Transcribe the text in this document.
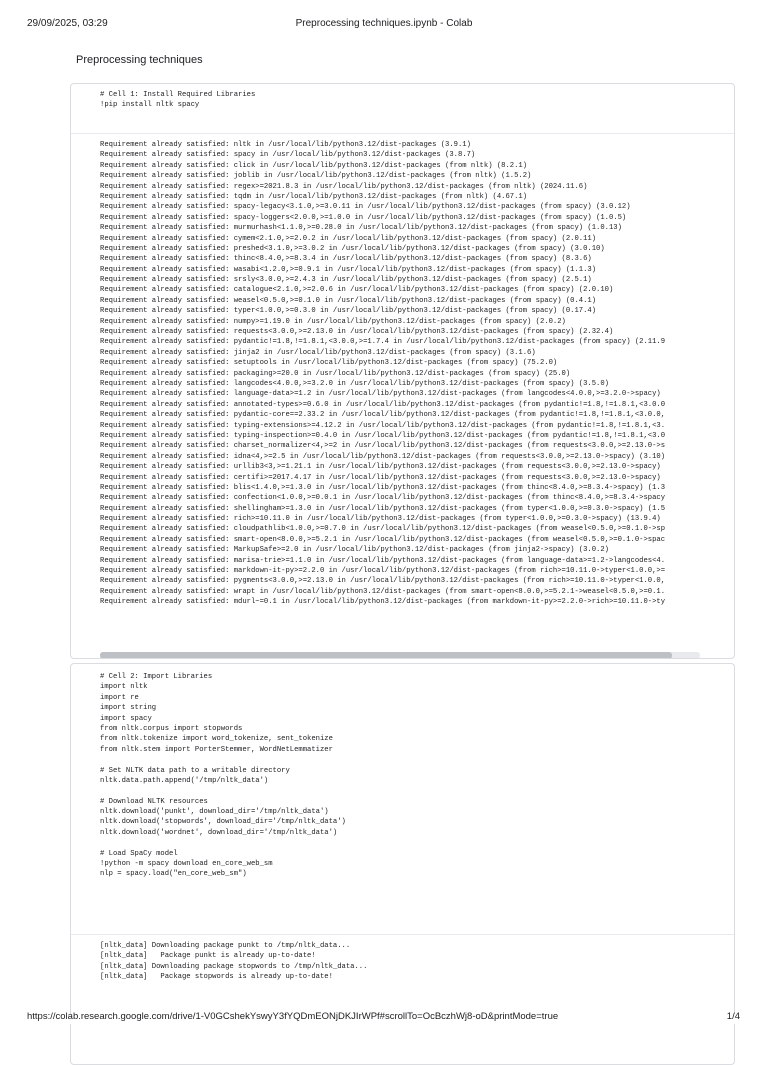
29/09/2025, 03:29	Preprocessing techniques.ipynb - Colab
Preprocessing techniques
# Cell 1: Install Required Libraries
!pip install nltk spacy
Requirement already satisfied: nltk in /usr/local/lib/python3.12/dist-packages (3.9.1)
Requirement already satisfied: spacy in /usr/local/lib/python3.12/dist-packages (3.8.7)
Requirement already satisfied: click in /usr/local/lib/python3.12/dist-packages (from nltk) (8.2.1)
Requirement already satisfied: joblib in /usr/local/lib/python3.12/dist-packages (from nltk) (1.5.2)
Requirement already satisfied: regex>=2021.8.3 in /usr/local/lib/python3.12/dist-packages (from nltk) (2024.11.6)
Requirement already satisfied: tqdm in /usr/local/lib/python3.12/dist-packages (from nltk) (4.67.1)
Requirement already satisfied: spacy-legacy<3.1.0,>=3.0.11 in /usr/local/lib/python3.12/dist-packages (from spacy) (3.0.12)
Requirement already satisfied: spacy-loggers<2.0.0,>=1.0.0 in /usr/local/lib/python3.12/dist-packages (from spacy) (1.0.5)
Requirement already satisfied: murmurhash<1.1.0,>=0.28.0 in /usr/local/lib/python3.12/dist-packages (from spacy) (1.0.13)
Requirement already satisfied: cymem<2.1.0,>=2.0.2 in /usr/local/lib/python3.12/dist-packages (from spacy) (2.0.11)
Requirement already satisfied: preshed<3.1.0,>=3.0.2 in /usr/local/lib/python3.12/dist-packages (from spacy) (3.0.10)
Requirement already satisfied: thinc<8.4.0,>=8.3.4 in /usr/local/lib/python3.12/dist-packages (from spacy) (8.3.6)
Requirement already satisfied: wasabi<1.2.0,>=0.9.1 in /usr/local/lib/python3.12/dist-packages (from spacy) (1.1.3)
Requirement already satisfied: srsly<3.0.0,>=2.4.3 in /usr/local/lib/python3.12/dist-packages (from spacy) (2.5.1)
Requirement already satisfied: catalogue<2.1.0,>=2.0.6 in /usr/local/lib/python3.12/dist-packages (from spacy) (2.0.10)
Requirement already satisfied: weasel<0.5.0,>=0.1.0 in /usr/local/lib/python3.12/dist-packages (from spacy) (0.4.1)
Requirement already satisfied: typer<1.0.0,>=0.3.0 in /usr/local/lib/python3.12/dist-packages (from spacy) (0.17.4)
Requirement already satisfied: numpy>=1.19.0 in /usr/local/lib/python3.12/dist-packages (from spacy) (2.0.2)
Requirement already satisfied: requests<3.0.0,>=2.13.0 in /usr/local/lib/python3.12/dist-packages (from spacy) (2.32.4)
Requirement already satisfied: pydantic!=1.8,!=1.8.1,<3.0.0,>=1.7.4 in /usr/local/lib/python3.12/dist-packages (from spacy) (2.11.9
Requirement already satisfied: jinja2 in /usr/local/lib/python3.12/dist-packages (from spacy) (3.1.6)
Requirement already satisfied: setuptools in /usr/local/lib/python3.12/dist-packages (from spacy) (75.2.0)
Requirement already satisfied: packaging>=20.0 in /usr/local/lib/python3.12/dist-packages (from spacy) (25.0)
Requirement already satisfied: langcodes<4.0.0,>=3.2.0 in /usr/local/lib/python3.12/dist-packages (from spacy) (3.5.0)
Requirement already satisfied: language-data>=1.2 in /usr/local/lib/python3.12/dist-packages (from langcodes<4.0.0,>=3.2.0->spacy)
Requirement already satisfied: annotated-types>=0.6.0 in /usr/local/lib/python3.12/dist-packages (from pydantic!=1.8,!=1.8.1,<3.0.0
Requirement already satisfied: pydantic-core==2.33.2 in /usr/local/lib/python3.12/dist-packages (from pydantic!=1.8,!=1.8.1,<3.0.0,
Requirement already satisfied: typing-extensions>=4.12.2 in /usr/local/lib/python3.12/dist-packages (from pydantic!=1.8,!=1.8.1,<3.
Requirement already satisfied: typing-inspection>=0.4.0 in /usr/local/lib/python3.12/dist-packages (from pydantic!=1.8,!=1.8.1,<3.0
Requirement already satisfied: charset_normalizer<4,>=2 in /usr/local/lib/python3.12/dist-packages (from requests<3.0.0,>=2.13.0->s
Requirement already satisfied: idna<4,>=2.5 in /usr/local/lib/python3.12/dist-packages (from requests<3.0.0,>=2.13.0->spacy) (3.10)
Requirement already satisfied: urllib3<3,>=1.21.1 in /usr/local/lib/python3.12/dist-packages (from requests<3.0.0,>=2.13.0->spacy)
Requirement already satisfied: certifi>=2017.4.17 in /usr/local/lib/python3.12/dist-packages (from requests<3.0.0,>=2.13.0->spacy)
Requirement already satisfied: blis<1.4.0,>=1.3.0 in /usr/local/lib/python3.12/dist-packages (from thinc<8.4.0,>=8.3.4->spacy) (1.3
Requirement already satisfied: confection<1.0.0,>=0.0.1 in /usr/local/lib/python3.12/dist-packages (from thinc<8.4.0,>=8.3.4->spacy
Requirement already satisfied: shellingham>=1.3.0 in /usr/local/lib/python3.12/dist-packages (from typer<1.0.0,>=0.3.0->spacy) (1.5
Requirement already satisfied: rich>=10.11.0 in /usr/local/lib/python3.12/dist-packages (from typer<1.0.0,>=0.3.0->spacy) (13.9.4)
Requirement already satisfied: cloudpathlib<1.0.0,>=0.7.0 in /usr/local/lib/python3.12/dist-packages (from weasel<0.5.0,>=0.1.0->sp
Requirement already satisfied: smart-open<8.0.0,>=5.2.1 in /usr/local/lib/python3.12/dist-packages (from weasel<0.5.0,>=0.1.0->spac
Requirement already satisfied: MarkupSafe>=2.0 in /usr/local/lib/python3.12/dist-packages (from jinja2->spacy) (3.0.2)
Requirement already satisfied: marisa-trie>=1.1.0 in /usr/local/lib/python3.12/dist-packages (from language-data>=1.2->langcodes<4.
Requirement already satisfied: markdown-it-py>=2.2.0 in /usr/local/lib/python3.12/dist-packages (from rich>=10.11.0->typer<1.0.0,>=
Requirement already satisfied: pygments<3.0.0,>=2.13.0 in /usr/local/lib/python3.12/dist-packages (from rich>=10.11.0->typer<1.0.0,
Requirement already satisfied: wrapt in /usr/local/lib/python3.12/dist-packages (from smart-open<8.0.0,>=5.2.1->weasel<0.5.0,>=0.1.
Requirement already satisfied: mdurl~=0.1 in /usr/local/lib/python3.12/dist-packages (from markdown-it-py>=2.2.0->rich>=10.11.0->ty
# Cell 2: Import Libraries
import nltk
import re
import string
import spacy
from nltk.corpus import stopwords
from nltk.tokenize import word_tokenize, sent_tokenize
from nltk.stem import PorterStemmer, WordNetLemmatizer
# Set NLTK data path to a writable directory
nltk.data.path.append('/tmp/nltk_data')
# Download NLTK resources
nltk.download('punkt', download_dir='/tmp/nltk_data')
nltk.download('stopwords', download_dir='/tmp/nltk_data')
nltk.download('wordnet', download_dir='/tmp/nltk_data')
# Load SpaCy model
!python -m spacy download en_core_web_sm
nlp = spacy.load("en_core_web_sm")
[nltk_data] Downloading package punkt to /tmp/nltk_data...
[nltk_data]   Package punkt is already up-to-date!
[nltk_data] Downloading package stopwords to /tmp/nltk_data...
[nltk_data]   Package stopwords is already up-to-date!
https://colab.research.google.com/drive/1-V0GCshekYswyY3fYQDmEONjDKJIrWPf#scrollTo=OcBczhWj8-oD&printMode=true	1/4
